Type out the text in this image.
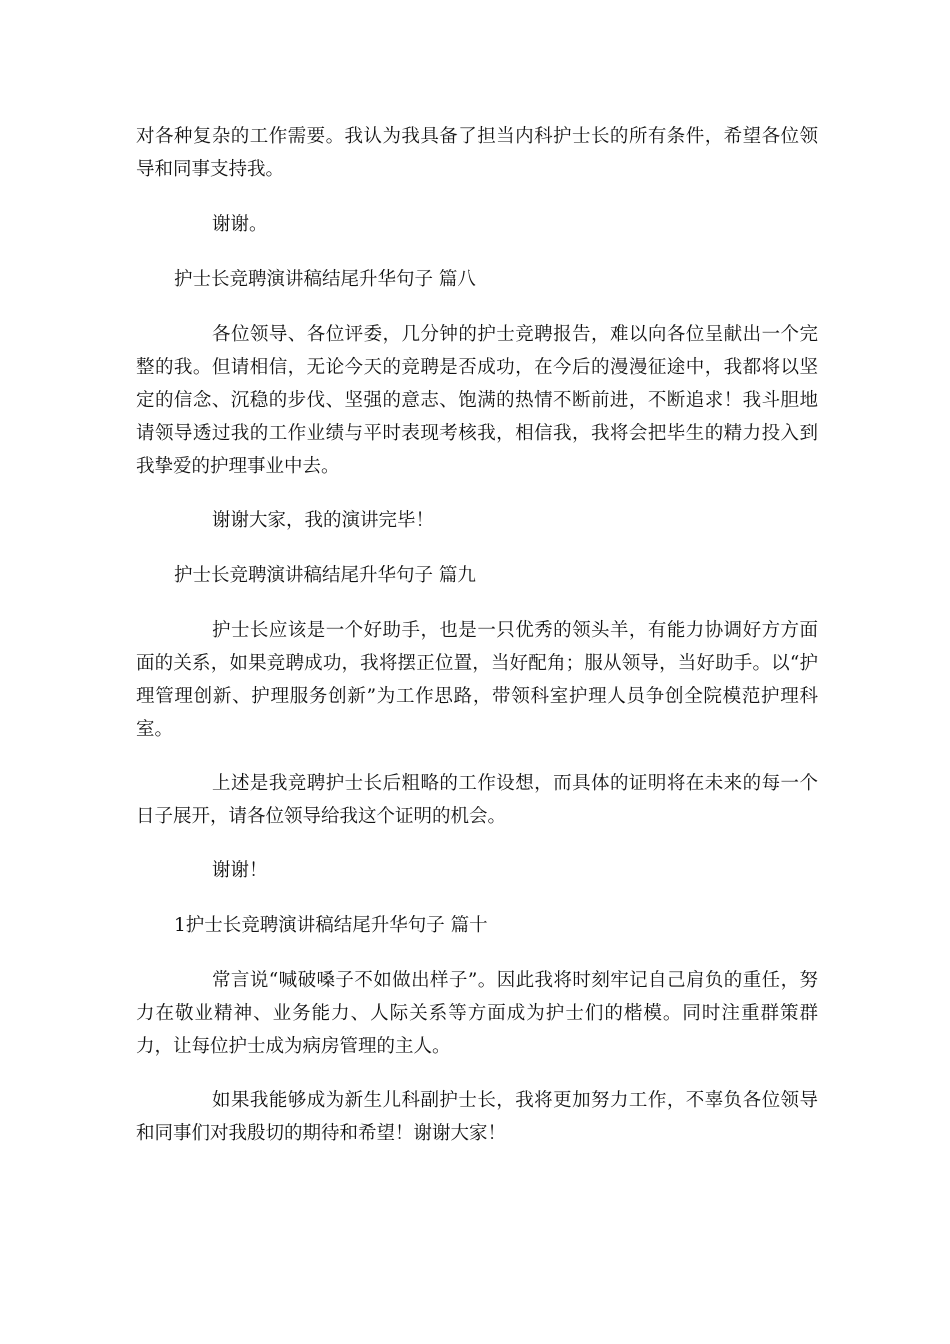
对各种复杂的工作需要。我认为我具备了担当内科护士长的所有条件，希望各位领导和同事支持我。

谢谢。

护士长竞聘演讲稿结尾升华句子 篇八

各位领导、各位评委，几分钟的护士竞聘报告，难以向各位呈献出一个完整的我。但请相信，无论今天的竞聘是否成功，在今后的漫漫征途中，我都将以坚定的信念、沉稳的步伐、坚强的意志、饱满的热情不断前进，不断追求！我斗胆地请领导透过我的工作业绩与平时表现考核我，相信我，我将会把毕生的精力投入到我挚爱的护理事业中去。

谢谢大家，我的演讲完毕！

护士长竞聘演讲稿结尾升华句子 篇九

护士长应该是一个好助手，也是一只优秀的领头羊，有能力协调好方方面面的关系，如果竞聘成功，我将摆正位置，当好配角；服从领导，当好助手。以“护理管理创新、护理服务创新”为工作思路，带领科室护理人员争创全院模范护理科室。

上述是我竞聘护士长后粗略的工作设想，而具体的证明将在未来的每一个日子展开，请各位领导给我这个证明的机会。

谢谢！

1护士长竞聘演讲稿结尾升华句子 篇十

常言说“喊破嗓子不如做出样子”。因此我将时刻牢记自己肩负的重任，努力在敬业精神、业务能力、人际关系等方面成为护士们的楷模。同时注重群策群力，让每位护士成为病房管理的主人。

如果我能够成为新生儿科副护士长，我将更加努力工作，不辜负各位领导和同事们对我殷切的期待和希望！谢谢大家！
